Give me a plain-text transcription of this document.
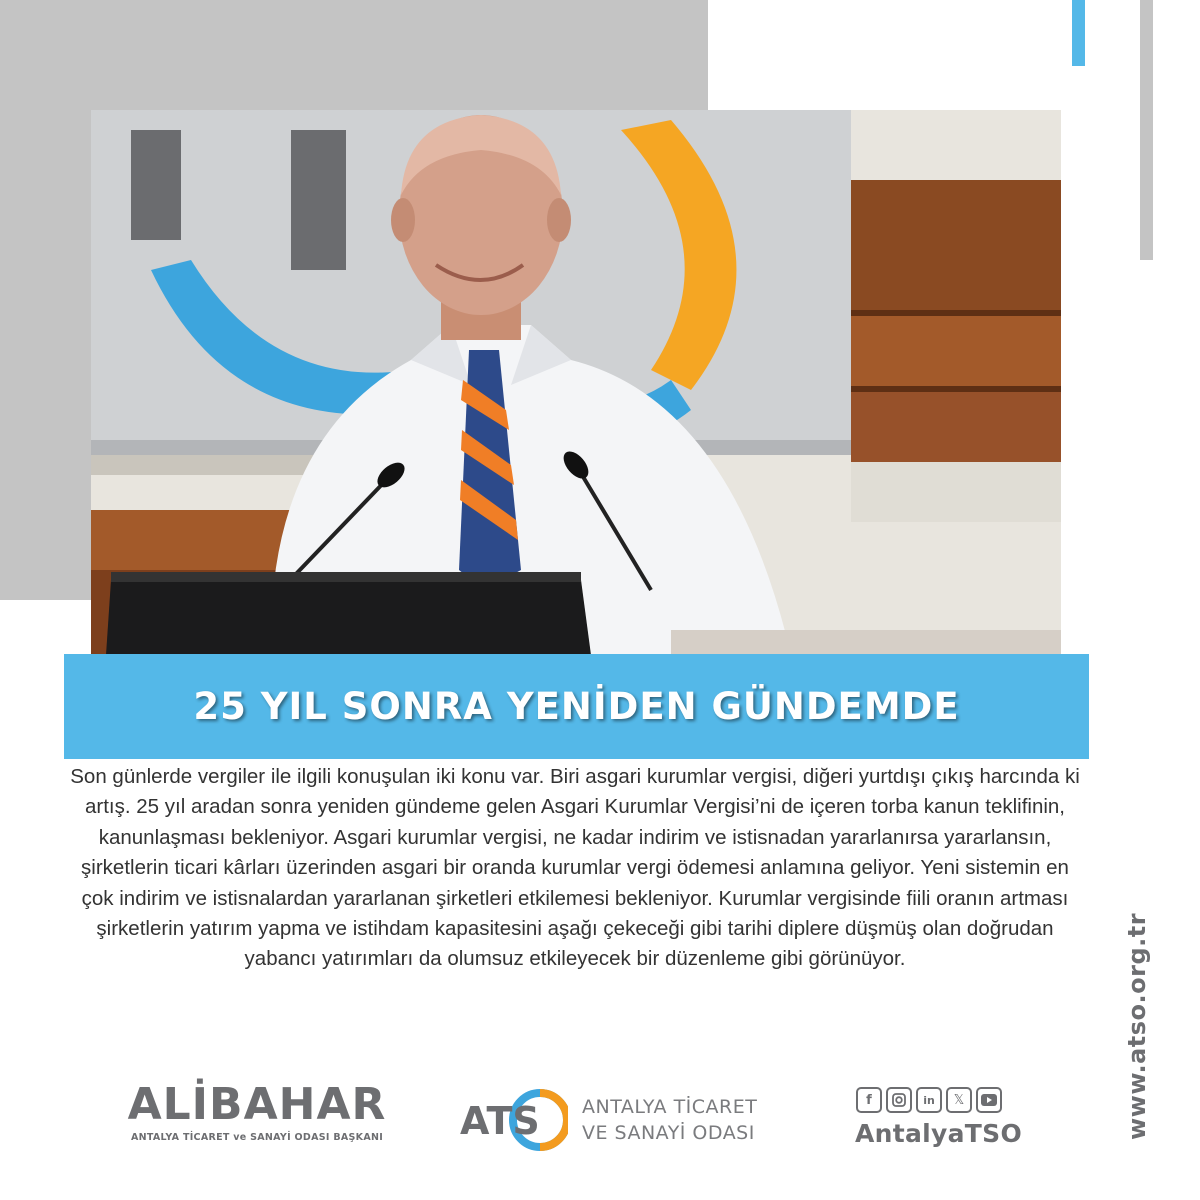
25 YIL SONRA YENİDEN GÜNDEMDE

Son günlerde vergiler ile ilgili konuşulan iki konu var. Biri asgari kurumlar vergisi, diğeri yurtdışı çıkış harcında ki artış. 25 yıl aradan sonra yeniden gündeme gelen Asgari Kurumlar Vergisi’ni de içeren torba kanun teklifinin, kanunlaşması bekleniyor. Asgari kurumlar vergisi, ne kadar indirim ve istisnadan yararlanırsa yararlansın, şirketlerin ticari kârları üzerinden asgari bir oranda kurumlar vergi ödemesi anlamına geliyor. Yeni sistemin en çok indirim ve istisnalardan yararlanan şirketleri etkilemesi bekleniyor. Kurumlar vergisinde fiili oranın artması şirketlerin yatırım yapma ve istihdam kapasitesini aşağı çekeceği gibi tarihi diplere düşmüş olan doğrudan yabancı yatırımları da olumsuz etkileyecek bir düzenleme gibi görünüyor.

ALİBAHAR
ANTALYA TİCARET ve SANAYİ ODASI BAŞKANI	ATS ANTALYA TİCARET
VE SANAYİ ODASI
f	in	𝕏
AntalyaTSO	www.atso.org.tr
